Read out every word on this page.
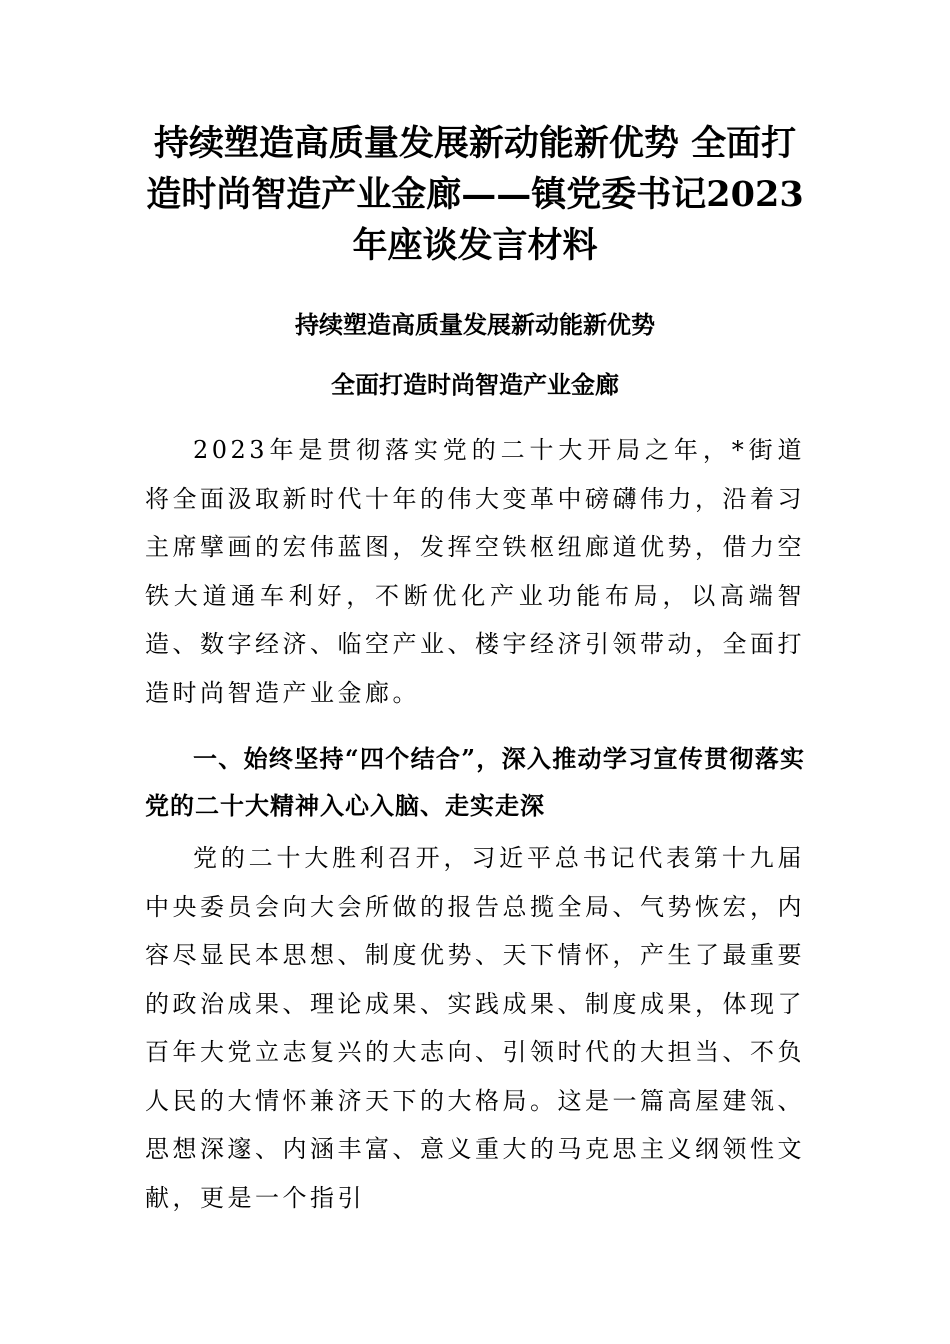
持续塑造高质量发展新动能新优势 全面打造时尚智造产业金廊——镇党委书记2023年座谈发言材料
持续塑造高质量发展新动能新优势
全面打造时尚智造产业金廊

2023年是贯彻落实党的二十大开局之年，*街道将全面汲取新时代十年的伟大变革中磅礴伟力，沿着习主席擘画的宏伟蓝图，发挥空铁枢纽廊道优势，借力空铁大道通车利好，不断优化产业功能布局，以高端智造、数字经济、临空产业、楼宇经济引领带动，全面打造时尚智造产业金廊。

一、始终坚持“四个结合”，深入推动学习宣传贯彻落实党的二十大精神入心入脑、走实走深

党的二十大胜利召开，习近平总书记代表第十九届中央委员会向大会所做的报告总揽全局、气势恢宏，内容尽显民本思想、制度优势、天下情怀，产生了最重要的政治成果、理论成果、实践成果、制度成果，体现了百年大党立志复兴的大志向、引领时代的大担当、不负人民的大情怀兼济天下的大格局。这是一篇高屋建瓴、思想深邃、内涵丰富、意义重大的马克思主义纲领性文献，更是一个指引
